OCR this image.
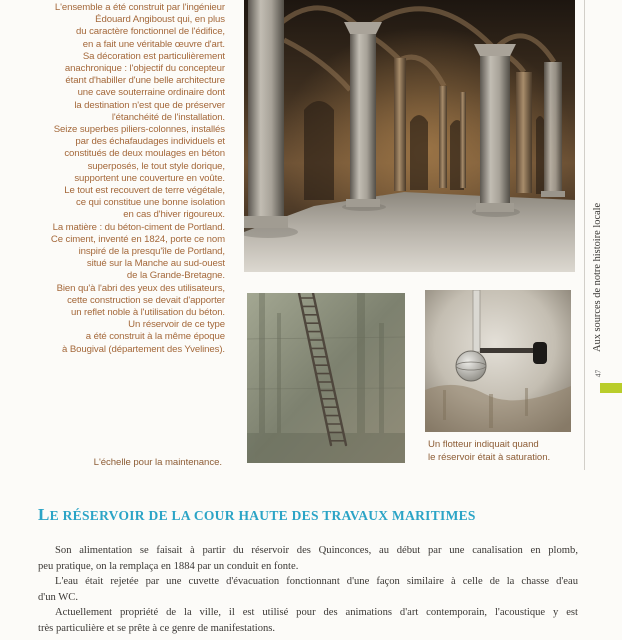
L'ensemble a été construit par l'ingénieur
Édouard Angiboust qui, en plus
du caractère fonctionnel de l'édifice,
en a fait une véritable œuvre d'art.
Sa décoration est particulièrement
anachronique : l'objectif du concepteur
étant d'habiller d'une belle architecture
une cave souterraine ordinaire dont
la destination n'est que de préserver
l'étanchéité de l'installation.
Seize superbes piliers-colonnes, installés
par des échafaudages individuels et
constitués de deux moulages en béton
superposés, le tout style dorique,
supportent une couverture en voûte.
Le tout est recouvert de terre végétale,
ce qui constitue une bonne isolation
en cas d'hiver rigoureux.
La matière : du béton-ciment de Portland.
Ce ciment, inventé en 1824, porte ce nom
inspiré de la presqu'île de Portland,
situé sur la Manche au sud-ouest
de la Grande-Bretagne.
Bien qu'à l'abri des yeux des utilisateurs,
cette construction se devait d'apporter
un reflet noble à l'utilisation du béton.
Un réservoir de ce type
a été construit à la même époque
à Bougival (département des Yvelines).
L'échelle pour la maintenance.
Un flotteur indiquait quand
le réservoir était à saturation.
Aux sources de notre histoire locale
47
LE RÉSERVOIR DE LA COUR HAUTE DES TRAVAUX MARITIMES

Son alimentation se faisait à partir du réservoir des Quinconces, au début par une canalisation en plomb,
peu pratique, on la remplaça en 1884 par un conduit en fonte.

L'eau était rejetée par une cuvette d'évacuation fonctionnant d'une façon similaire à celle de la chasse d'eau
d'un WC.

Actuellement propriété de la ville, il est utilisé pour des animations d'art contemporain, l'acoustique y est
très particulière et se prête à ce genre de manifestations.
